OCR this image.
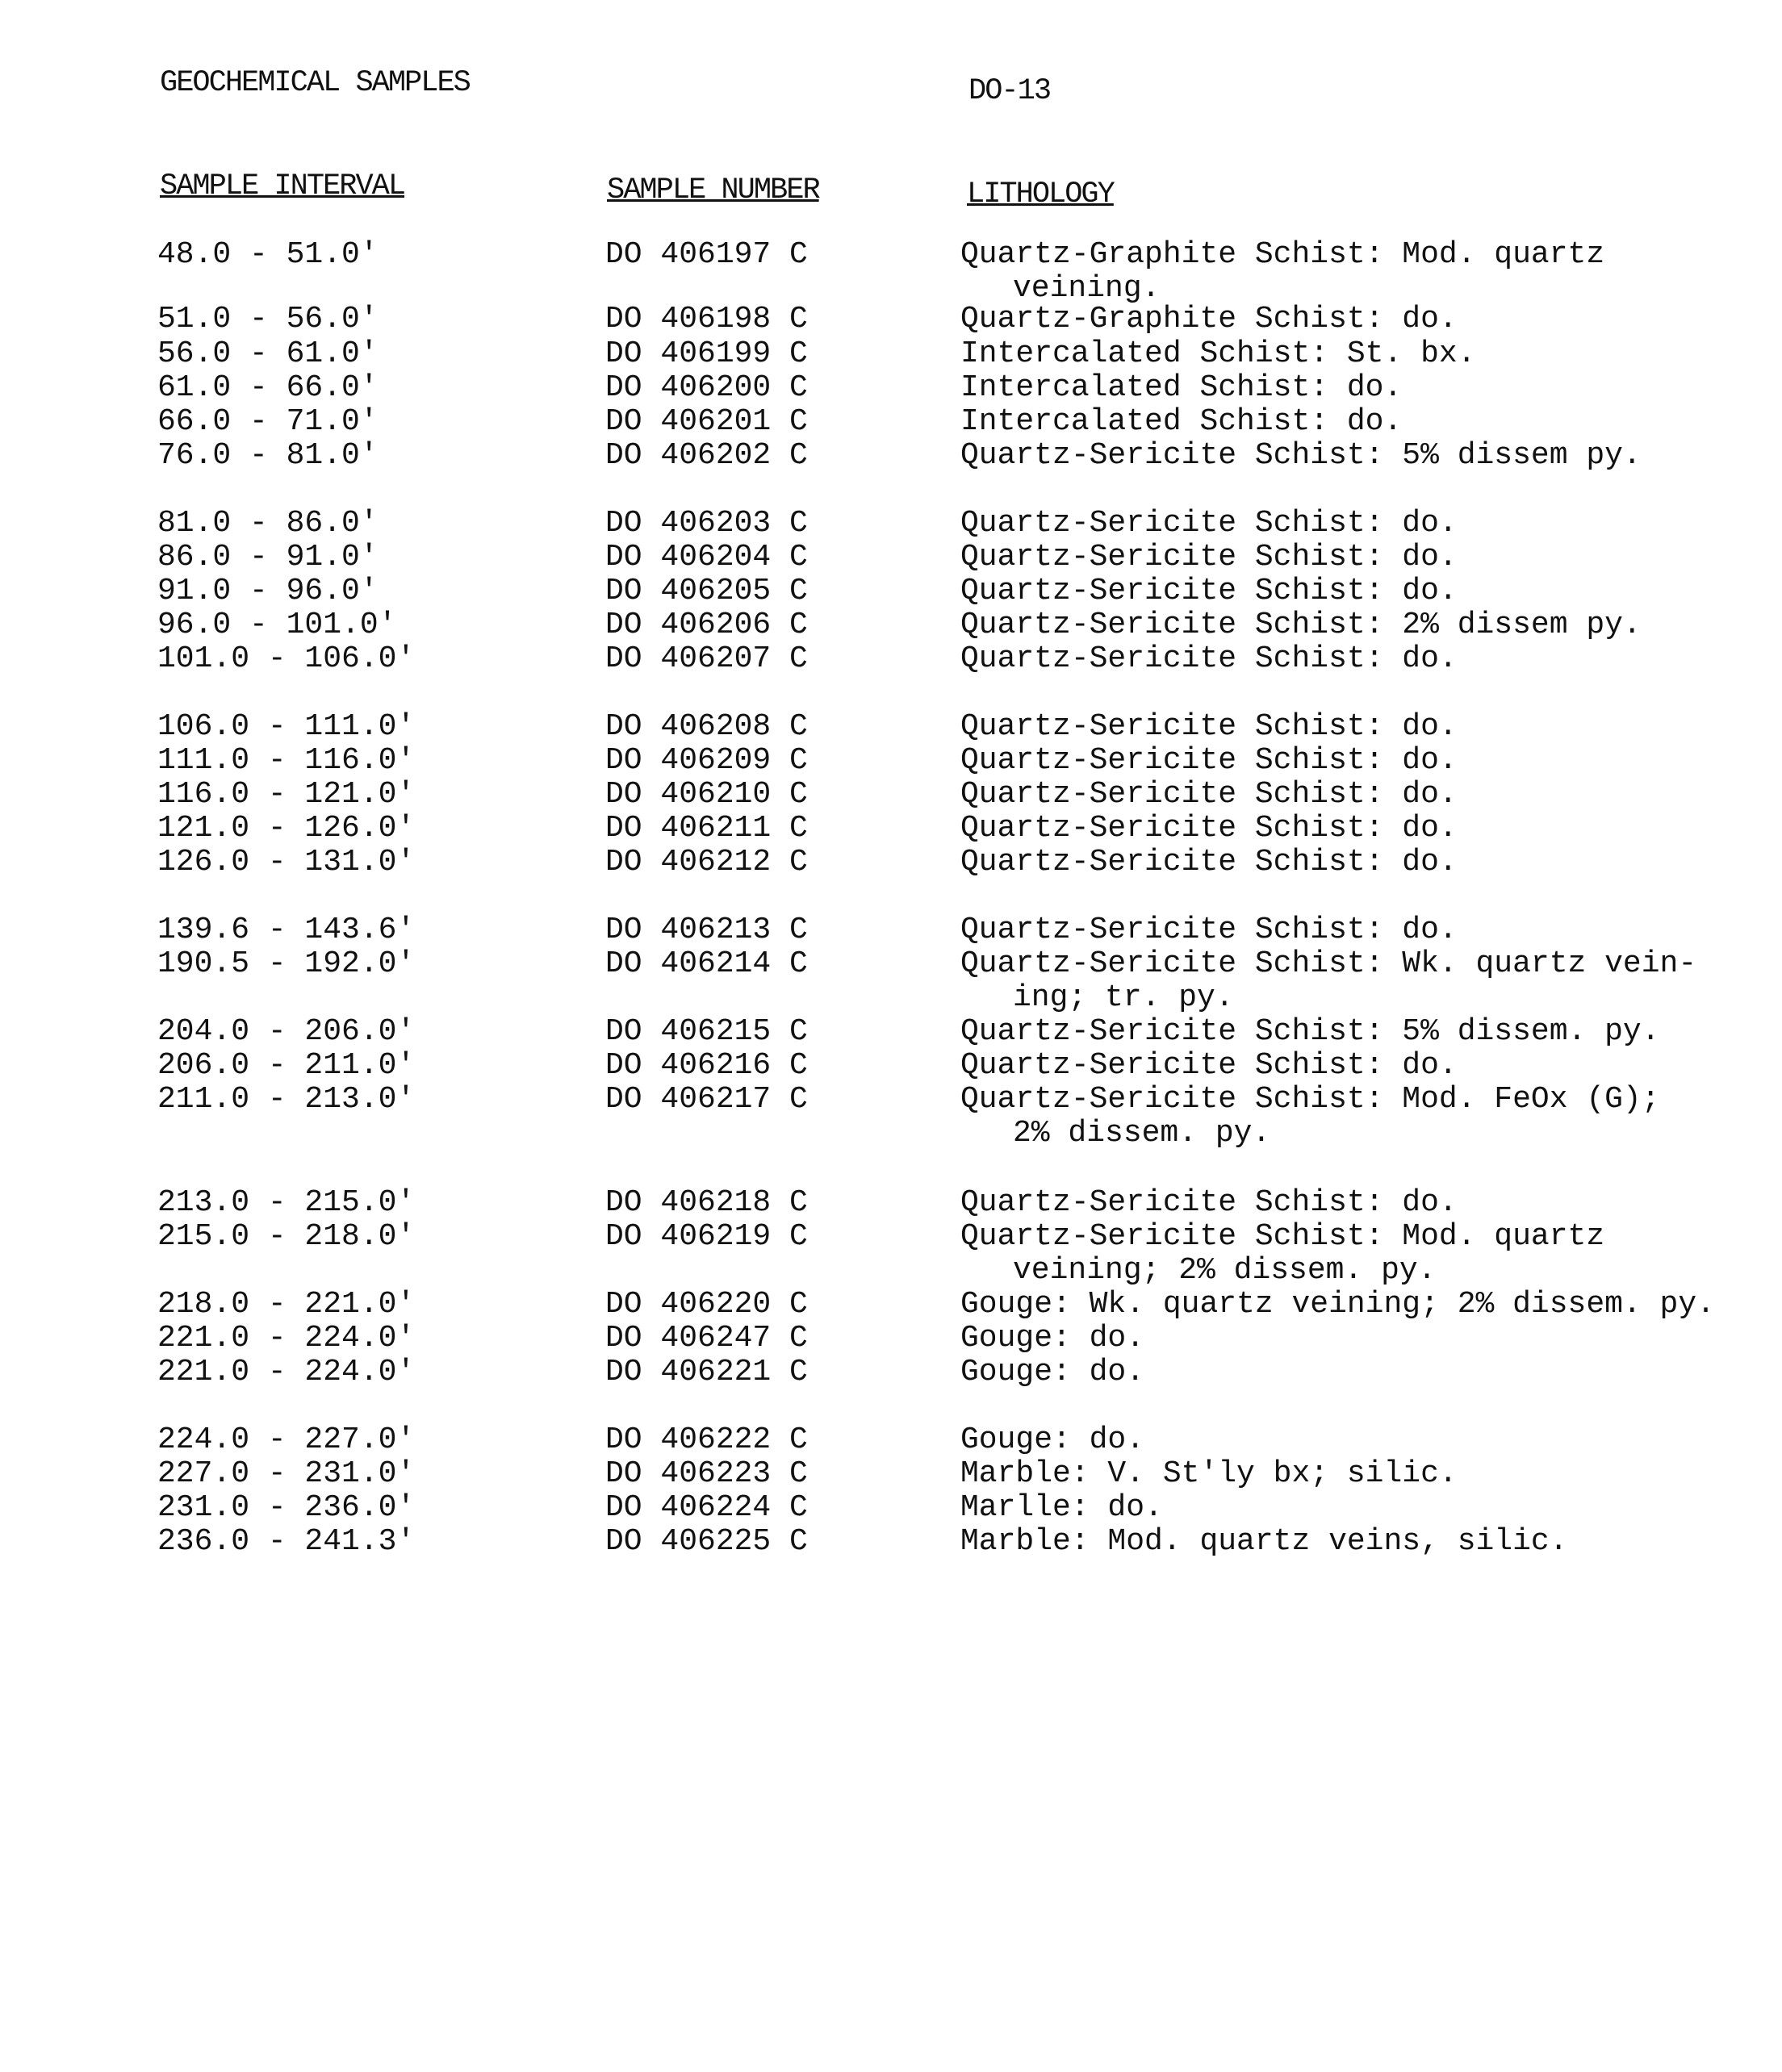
GEOCHEMICAL SAMPLES	DO-13
SAMPLE INTERVAL	SAMPLE NUMBER	LITHOLOGY
48.0 - 51.0'	DO 406197 C	Quartz-Graphite Schist: Mod. quartz
veining.
51.0 - 56.0'	DO 406198 C	Quartz-Graphite Schist: do.
56.0 - 61.0'	DO 406199 C	Intercalated Schist: St. bx.
61.0 - 66.0'	DO 406200 C	Intercalated Schist: do.
66.0 - 71.0'	DO 406201 C	Intercalated Schist: do.
76.0 - 81.0'	DO 406202 C	Quartz-Sericite Schist: 5% dissem py.
81.0 - 86.0'	DO 406203 C	Quartz-Sericite Schist: do.
86.0 - 91.0'	DO 406204 C	Quartz-Sericite Schist: do.
91.0 - 96.0'	DO 406205 C	Quartz-Sericite Schist: do.
96.0 - 101.0'	DO 406206 C	Quartz-Sericite Schist: 2% dissem py.
101.0 - 106.0'	DO 406207 C	Quartz-Sericite Schist: do.
106.0 - 111.0'	DO 406208 C	Quartz-Sericite Schist: do.
111.0 - 116.0'	DO 406209 C	Quartz-Sericite Schist: do.
116.0 - 121.0'	DO 406210 C	Quartz-Sericite Schist: do.
121.0 - 126.0'	DO 406211 C	Quartz-Sericite Schist: do.
126.0 - 131.0'	DO 406212 C	Quartz-Sericite Schist: do.
139.6 - 143.6'	DO 406213 C	Quartz-Sericite Schist: do.
190.5 - 192.0'	DO 406214 C	Quartz-Sericite Schist: Wk. quartz vein-
ing; tr. py.
204.0 - 206.0'	DO 406215 C	Quartz-Sericite Schist: 5% dissem. py.
206.0 - 211.0'	DO 406216 C	Quartz-Sericite Schist: do.
211.0 - 213.0'	DO 406217 C	Quartz-Sericite Schist: Mod. FeOx (G);
2% dissem. py.
213.0 - 215.0'	DO 406218 C	Quartz-Sericite Schist: do.
215.0 - 218.0'	DO 406219 C	Quartz-Sericite Schist: Mod. quartz
veining; 2% dissem. py.
218.0 - 221.0'	DO 406220 C	Gouge: Wk. quartz veining; 2% dissem. py.
221.0 - 224.0'	DO 406247 C	Gouge: do.
221.0 - 224.0'	DO 406221 C	Gouge: do.
224.0 - 227.0'	DO 406222 C	Gouge: do.
227.0 - 231.0'	DO 406223 C	Marble: V. St'ly bx; silic.
231.0 - 236.0'	DO 406224 C	Marlle: do.
236.0 - 241.3'	DO 406225 C	Marble: Mod. quartz veins, silic.
